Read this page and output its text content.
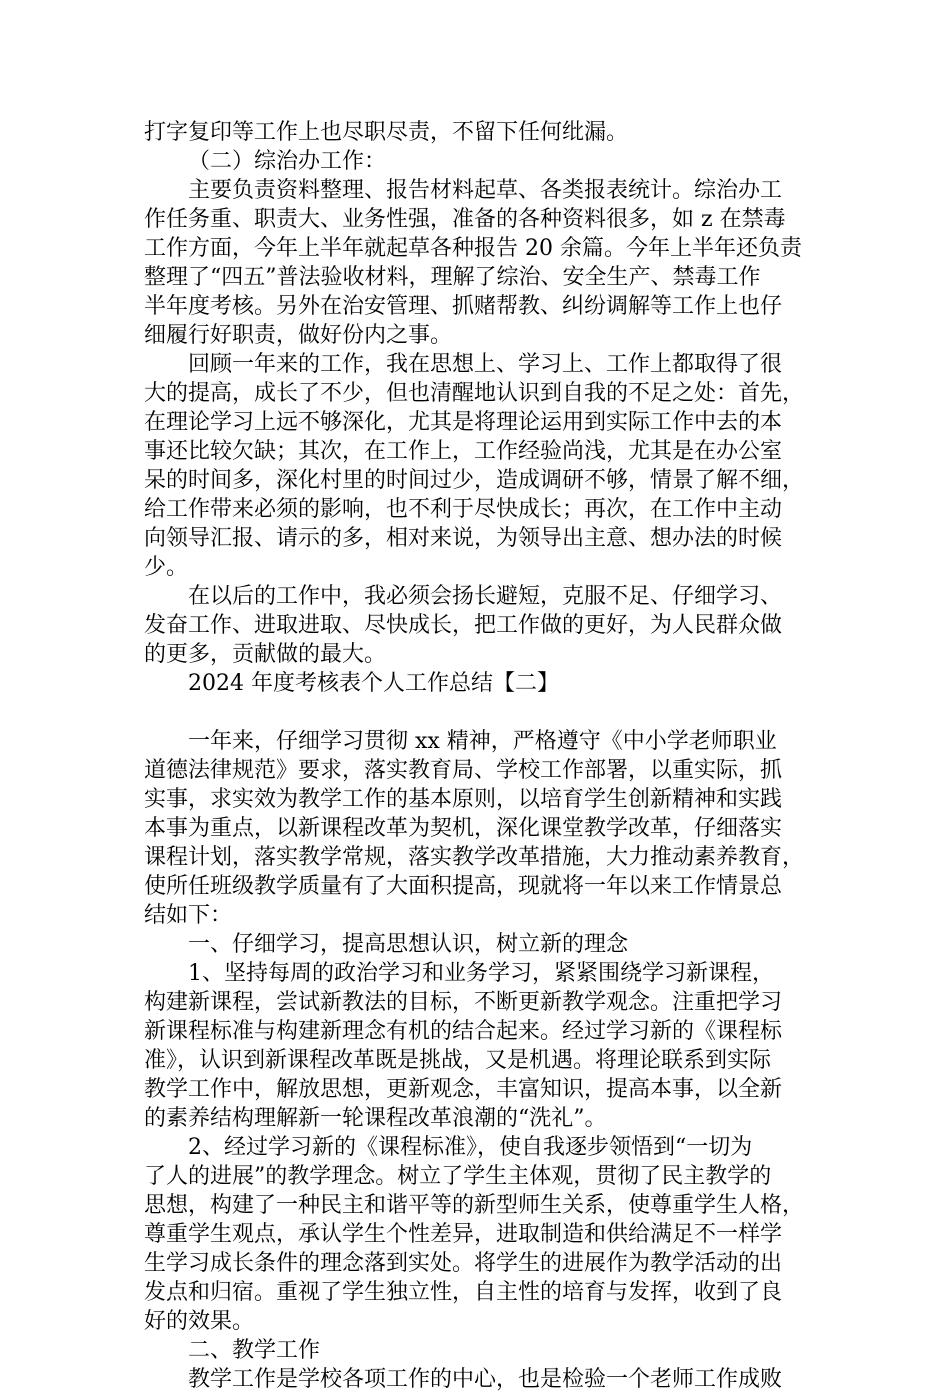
打字复印等工作上也尽职尽责，不留下任何纰漏。

（二）综治办工作：

主要负责资料整理、报告材料起草、各类报表统计。综治办工

作任务重、职责大、业务性强，准备的各种资料很多，如 z 在禁毒

工作方面，今年上半年就起草各种报告 20 余篇。今年上半年还负责

整理了“四五”普法验收材料，理解了综治、安全生产、禁毒工作

半年度考核。另外在治安管理、抓赌帮教、纠纷调解等工作上也仔

细履行好职责，做好份内之事。

回顾一年来的工作，我在思想上、学习上、工作上都取得了很

大的提高，成长了不少，但也清醒地认识到自我的不足之处：首先，

在理论学习上远不够深化，尤其是将理论运用到实际工作中去的本

事还比较欠缺；其次，在工作上，工作经验尚浅，尤其是在办公室

呆的时间多，深化村里的时间过少，造成调研不够，情景了解不细，

给工作带来必须的影响，也不利于尽快成长；再次，在工作中主动

向领导汇报、请示的多，相对来说，为领导出主意、想办法的时候

少。

在以后的工作中，我必须会扬长避短，克服不足、仔细学习、

发奋工作、进取进取、尽快成长，把工作做的更好，为人民群众做

的更多，贡献做的最大。

2024 年度考核表个人工作总结【二】

一年来，仔细学习贯彻 xx 精神，严格遵守《中小学老师职业

道德法律规范》要求，落实教育局、学校工作部署，以重实际，抓

实事，求实效为教学工作的基本原则，以培育学生创新精神和实践

本事为重点，以新课程改革为契机，深化课堂教学改革，仔细落实

课程计划，落实教学常规，落实教学改革措施，大力推动素养教育，

使所任班级教学质量有了大面积提高，现就将一年以来工作情景总

结如下：

一、仔细学习，提高思想认识，树立新的理念

1、坚持每周的政治学习和业务学习，紧紧围绕学习新课程，

构建新课程，尝试新教法的目标，不断更新教学观念。注重把学习

新课程标准与构建新理念有机的结合起来。经过学习新的《课程标

准》，认识到新课程改革既是挑战，又是机遇。将理论联系到实际

教学工作中，解放思想，更新观念，丰富知识，提高本事，以全新

的素养结构理解新一轮课程改革浪潮的“洗礼”。

2、经过学习新的《课程标准》，使自我逐步领悟到“一切为

了人的进展”的教学理念。树立了学生主体观，贯彻了民主教学的

思想，构建了一种民主和谐平等的新型师生关系，使尊重学生人格，

尊重学生观点，承认学生个性差异，进取制造和供给满足不一样学

生学习成长条件的理念落到实处。将学生的进展作为教学活动的出

发点和归宿。重视了学生独立性，自主性的培育与发挥，收到了良

好的效果。

二、教学工作

教学工作是学校各项工作的中心，也是检验一个老师工作成败
